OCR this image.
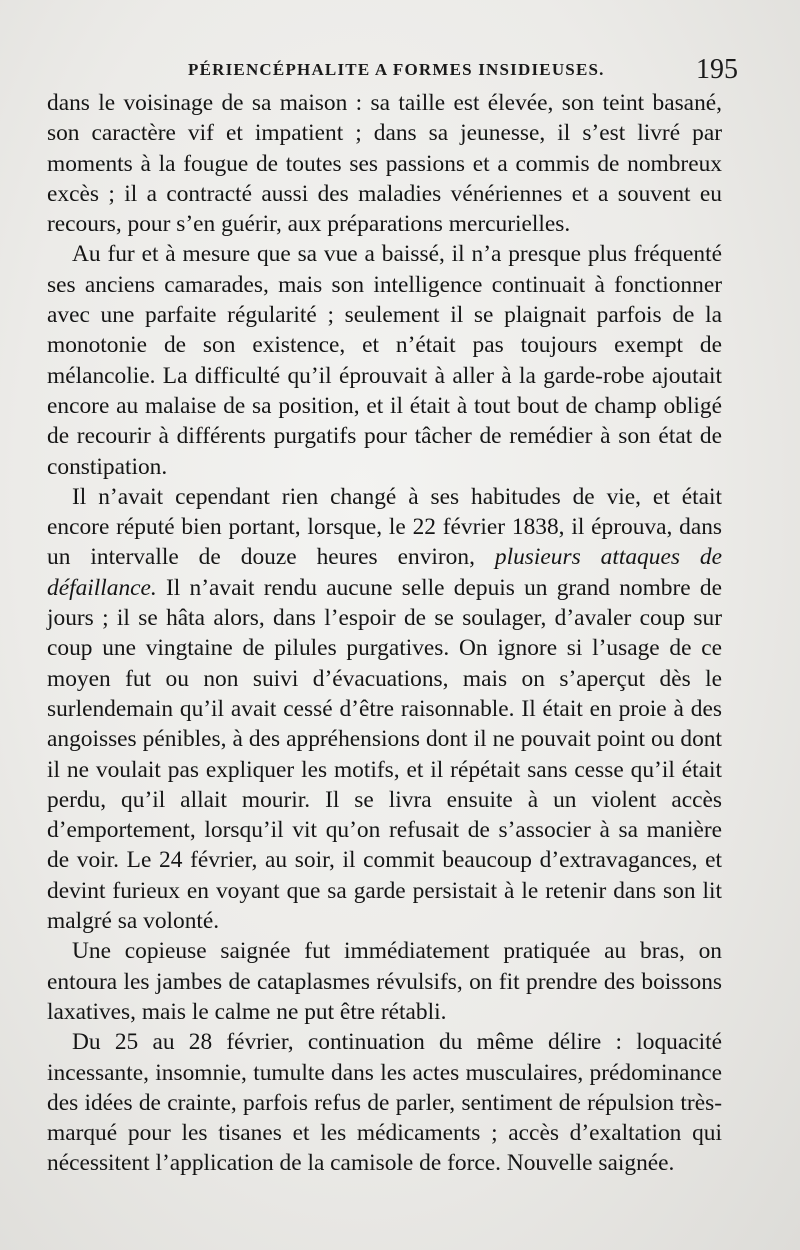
PÉRIENCÉPHALITE A FORMES INSIDIEUSES.	195

dans le voisinage de sa maison : sa taille est élevée, son teint basané, son caractère vif et impatient ; dans sa jeunesse, il s’est livré par moments à la fougue de toutes ses passions et a commis de nombreux excès ; il a contracté aussi des maladies vénériennes et a souvent eu recours, pour s’en guérir, aux préparations mercurielles.

Au fur et à mesure que sa vue a baissé, il n’a presque plus fréquenté ses anciens camarades, mais son intelligence continuait à fonctionner avec une parfaite régularité ; seulement il se plaignait parfois de la monotonie de son existence, et n’était pas toujours exempt de mélancolie. La difficulté qu’il éprouvait à aller à la garde-robe ajoutait encore au malaise de sa position, et il était à tout bout de champ obligé de recourir à différents purgatifs pour tâcher de remédier à son état de constipation.

Il n’avait cependant rien changé à ses habitudes de vie, et était encore réputé bien portant, lorsque, le 22 février 1838, il éprouva, dans un intervalle de douze heures environ, plusieurs attaques de défaillance. Il n’avait rendu aucune selle depuis un grand nombre de jours ; il se hâta alors, dans l’espoir de se soulager, d’avaler coup sur coup une vingtaine de pilules purgatives. On ignore si l’usage de ce moyen fut ou non suivi d’évacuations, mais on s’aperçut dès le surlendemain qu’il avait cessé d’être raisonnable. Il était en proie à des angoisses pénibles, à des appréhensions dont il ne pouvait point ou dont il ne voulait pas expliquer les motifs, et il répétait sans cesse qu’il était perdu, qu’il allait mourir. Il se livra ensuite à un violent accès d’emportement, lorsqu’il vit qu’on refusait de s’associer à sa manière de voir. Le 24 février, au soir, il commit beaucoup d’extravagances, et devint furieux en voyant que sa garde persistait à le retenir dans son lit malgré sa volonté.

Une copieuse saignée fut immédiatement pratiquée au bras, on entoura les jambes de cataplasmes révulsifs, on fit prendre des boissons laxatives, mais le calme ne put être rétabli.

Du 25 au 28 février, continuation du même délire : loquacité incessante, insomnie, tumulte dans les actes musculaires, prédominance des idées de crainte, parfois refus de parler, sentiment de répulsion très-marqué pour les tisanes et les médicaments ; accès d’exaltation qui nécessitent l’application de la camisole de force. Nouvelle saignée.
